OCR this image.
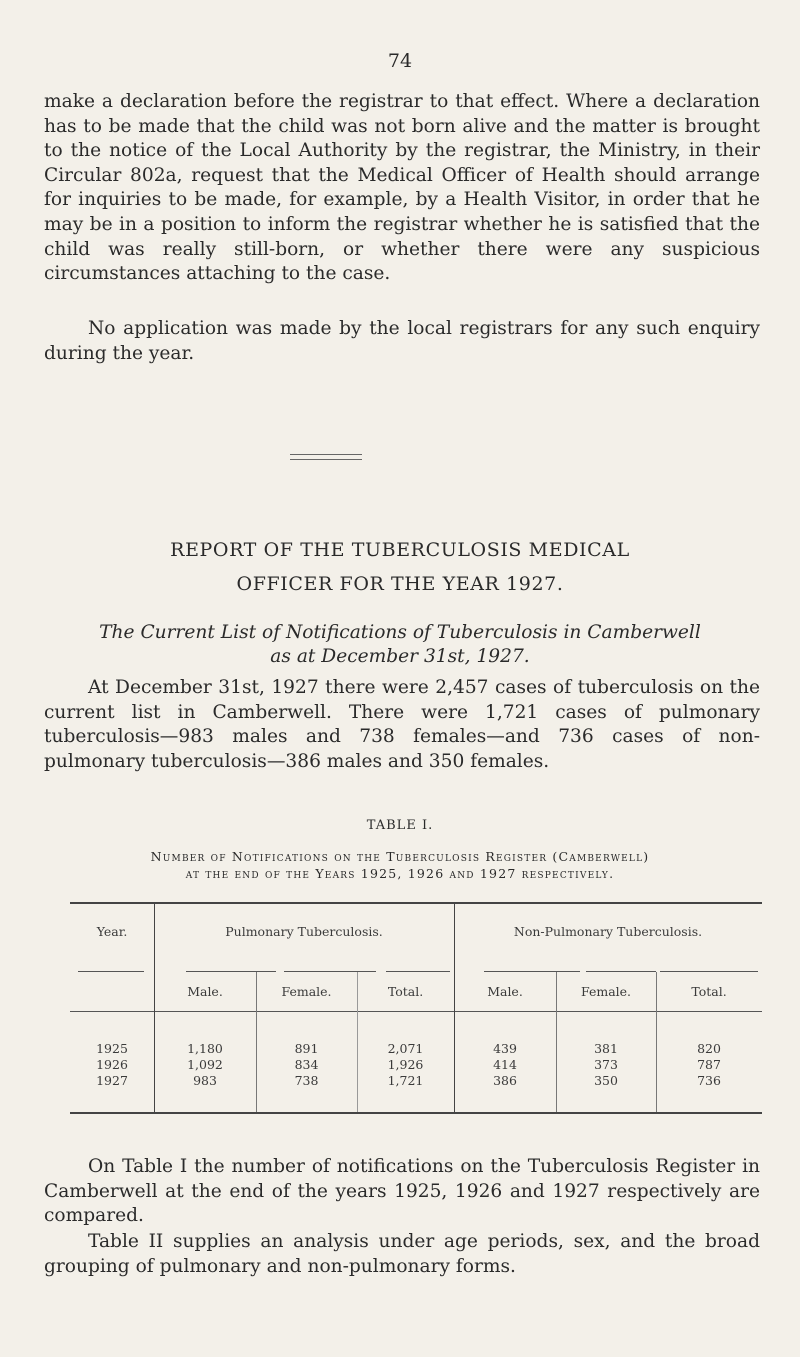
74

make a declaration before the registrar to that effect. Where a declaration has to be made that the child was not born alive and the matter is brought to the notice of the Local Authority by the registrar, the Ministry, in their Circular 802a, request that the Medical Officer of Health should arrange for inquiries to be made, for example, by a Health Visitor, in order that he may be in a position to inform the registrar whether he is satisfied that the child was really still-born, or whether there were any suspicious circumstances attaching to the case.

No application was made by the local registrars for any such enquiry during the year.

REPORT OF THE TUBERCULOSIS MEDICAL

OFFICER FOR THE YEAR 1927.

The Current List of Notifications of Tuberculosis in Camberwell

as at December 31st, 1927.

At December 31st, 1927 there were 2,457 cases of tuberculosis on the current list in Camberwell. There were 1,721 cases of pulmonary tuberculosis—983 males and 738 females—and 736 cases of non-pulmonary tuberculosis—386 males and 350 females.

TABLE I.
Number of Notifications on the Tuberculosis Register (Camberwell)
at the end of the Years 1925, 1926 and 1927 respectively.
Year.	Pulmonary Tuberculosis.	Non-Pulmonary Tuberculosis.
Male.	Female.	Total.	Male.	Female.	Total.
1925	1,180	891	2,071	439	381	820
1926	1,092	834	1,926	414	373	787
1927	983	738	1,721	386	350	736

On Table I the number of notifications on the Tuberculosis Register in Camberwell at the end of the years 1925, 1926 and 1927 respectively are compared.

Table II supplies an analysis under age periods, sex, and the broad grouping of pulmonary and non-pulmonary forms.
